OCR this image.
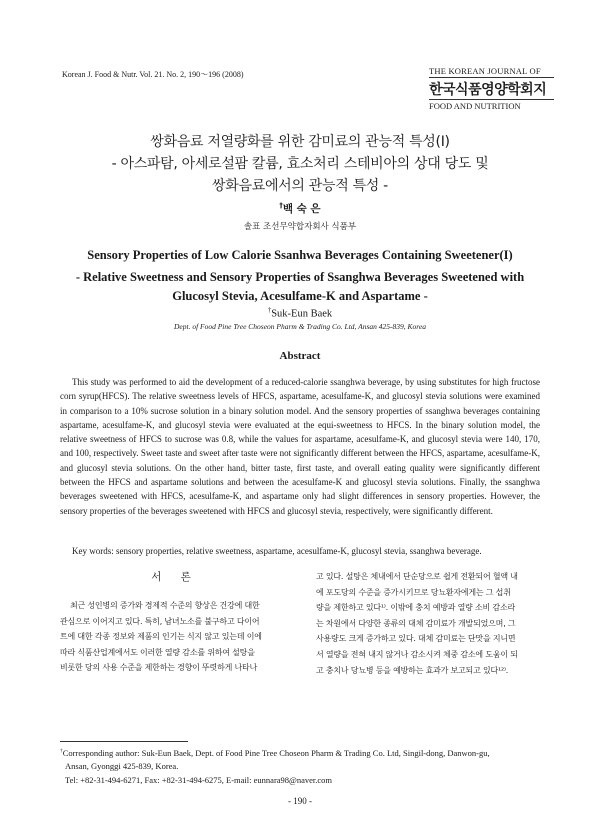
Korean J. Food & Nutr. Vol. 21. No. 2, 190～196 (2008)	THE KOREAN JOURNAL OF
한국식품영양학회지
FOOD AND NUTRITION
쌍화음료 저열량화를 위한 감미료의 관능적 특성(I)
- 아스파탐, 아세로설팜 칼륨, 효소처리 스테비아의 상대 당도 및
쌍화음료에서의 관능적 특성 -
†백 숙 은
솔표 조선무약합자회사 식품부
Sensory Properties of Low Calorie Ssanhwa Beverages Containing Sweetener(I)
- Relative Sweetness and Sensory Properties of Ssanghwa Beverages Sweetened with
Glucosyl Stevia, Acesulfame-K and Aspartame -
†Suk-Eun Baek
Dept. of Food Pine Tree Choseon Pharm & Trading Co. Ltd, Ansan 425-839, Korea
Abstract
This study was performed to aid the development of a reduced-calorie ssanghwa beverage, by using substitutes for high fructose corn syrup(HFCS). The relative sweetness levels of HFCS, aspartame, acesulfame-K, and glucosyl stevia solutions were examined in comparison to a 10% sucrose solution in a binary solution model. And the sensory properties of ssanghwa beverages containing aspartame, acesulfame-K, and glucosyl stevia were evaluated at the equi-sweetness to HFCS. In the binary solution model, the relative sweetness of HFCS to sucrose was 0.8, while the values for aspartame, acesulfame-K, and glucosyl stevia were 140, 170, and 100, respectively. Sweet taste and sweet after taste were not significantly different between the HFCS, aspartame, acesulfame-K, and glucosyl stevia solutions. On the other hand, bitter taste, first taste, and overall eating quality were significantly different between the HFCS and aspartame solutions and between the acesulfame-K and glucosyl stevia solutions. Finally, the ssanghwa beverages sweetened with HFCS, acesulfame-K, and aspartame only had slight differences in sensory properties. However, the sensory properties of the beverages sweetened with HFCS and glucosyl stevia, respectively, were significantly different.
Key words: sensory properties, relative sweetness, aspartame, acesulfame-K, glucosyl stevia, ssanghwa beverage.
서 론
최근 성인병의 증가와 경제적 수준의 향상은 건강에 대한
관심으로 이어지고 있다. 특히, 남녀노소를 불구하고 다이어
트에 대한 각종 정보와 제품의 인기는 식지 않고 있는데 이에
따라 식품산업계에서도 이러한 열량 감소를 위하여 설탕을
비롯한 당의 사용 수준을 제한하는 경향이 뚜렷하게 나타나
고 있다. 설탕은 체내에서 단순당으로 쉽게 전환되어 혈액 내
에 포도당의 수준을 증가시키므로 당뇨환자에게는 그 섭취
량을 제한하고 있다¹⁾. 이밖에 충치 예방과 열량 소비 감소라
는 차원에서 다양한 종류의 대체 감미료가 개발되었으며, 그
사용량도 크게 증가하고 있다. 대체 감미료는 단맛을 지니면
서 열량을 전혀 내지 않거나 감소시켜 체중 감소에 도움이 되
고 충치나 당뇨병 등을 예방하는 효과가 보고되고 있다¹²⁾.
†Corresponding author: Suk-Eun Baek, Dept. of Food Pine Tree Choseon Pharm & Trading Co. Ltd, Singil-dong, Danwon-gu,
Ansan, Gyonggi 425-839, Korea.
Tel: +82-31-494-6271, Fax: +82-31-494-6275, E-mail: eunnara98@naver.com
- 190 -
